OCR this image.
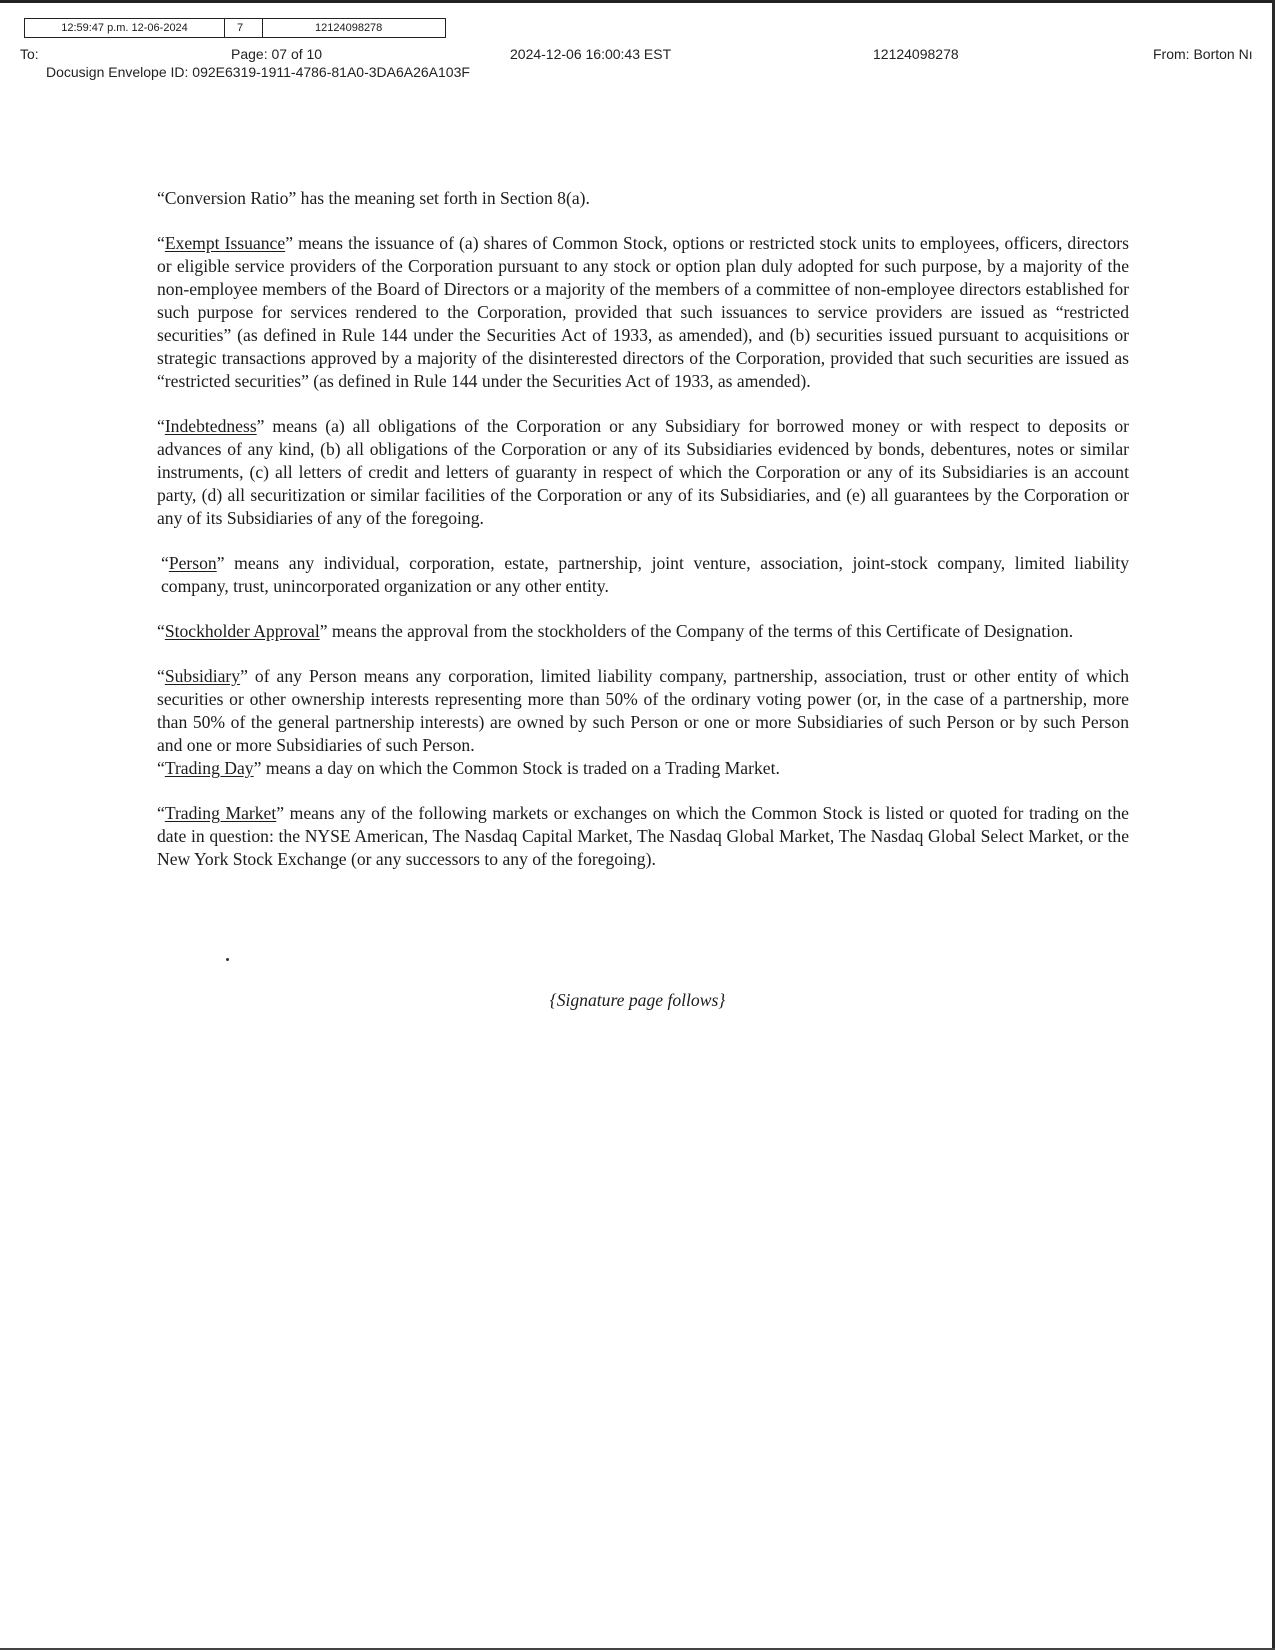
12:59:47 p.m. 12-06-2024	7	12124098278
To:	Page: 07 of 10	2024-12-06 16:00:43 EST	12124098278	From: Borton Nı
Docusign Envelope ID: 092E6319-1911-4786-81A0-3DA6A26A103F

“Conversion Ratio” has the meaning set forth in Section 8(a).

“Exempt Issuance” means the issuance of (a) shares of Common Stock, options or restricted stock units to employees, officers, directors or eligible service providers of the Corporation pursuant to any stock or option plan duly adopted for such purpose, by a majority of the non-employee members of the Board of Directors or a majority of the members of a committee of non-employee directors established for such purpose for services rendered to the Corporation, provided that such issuances to service providers are issued as “restricted securities” (as defined in Rule 144 under the Securities Act of 1933, as amended), and (b) securities issued pursuant to acquisitions or strategic transactions approved by a majority of the disinterested directors of the Corporation, provided that such securities are issued as “restricted securities” (as defined in Rule 144 under the Securities Act of 1933, as amended).

“Indebtedness” means (a) all obligations of the Corporation or any Subsidiary for borrowed money or with respect to deposits or advances of any kind, (b) all obligations of the Corporation or any of its Subsidiaries evidenced by bonds, debentures, notes or similar instruments, (c) all letters of credit and letters of guaranty in respect of which the Corporation or any of its Subsidiaries is an account party, (d) all securitization or similar facilities of the Corporation or any of its Subsidiaries, and (e) all guarantees by the Corporation or any of its Subsidiaries of any of the foregoing.

“Person” means any individual, corporation, estate, partnership, joint venture, association, joint-stock company, limited liability company, trust, unincorporated organization or any other entity.

“Stockholder Approval” means the approval from the stockholders of the Company of the terms of this Certificate of Designation.

“Subsidiary” of any Person means any corporation, limited liability company, partnership, association, trust or other entity of which securities or other ownership interests representing more than 50% of the ordinary voting power (or, in the case of a partnership, more than 50% of the general partnership interests) are owned by such Person or one or more Subsidiaries of such Person or by such Person and one or more Subsidiaries of such Person.

“Trading Day” means a day on which the Common Stock is traded on a Trading Market.

“Trading Market” means any of the following markets or exchanges on which the Common Stock is listed or quoted for trading on the date in question: the NYSE American, The Nasdaq Capital Market, The Nasdaq Global Market, The Nasdaq Global Select Market, or the New York Stock Exchange (or any successors to any of the foregoing).

{Signature page follows}
